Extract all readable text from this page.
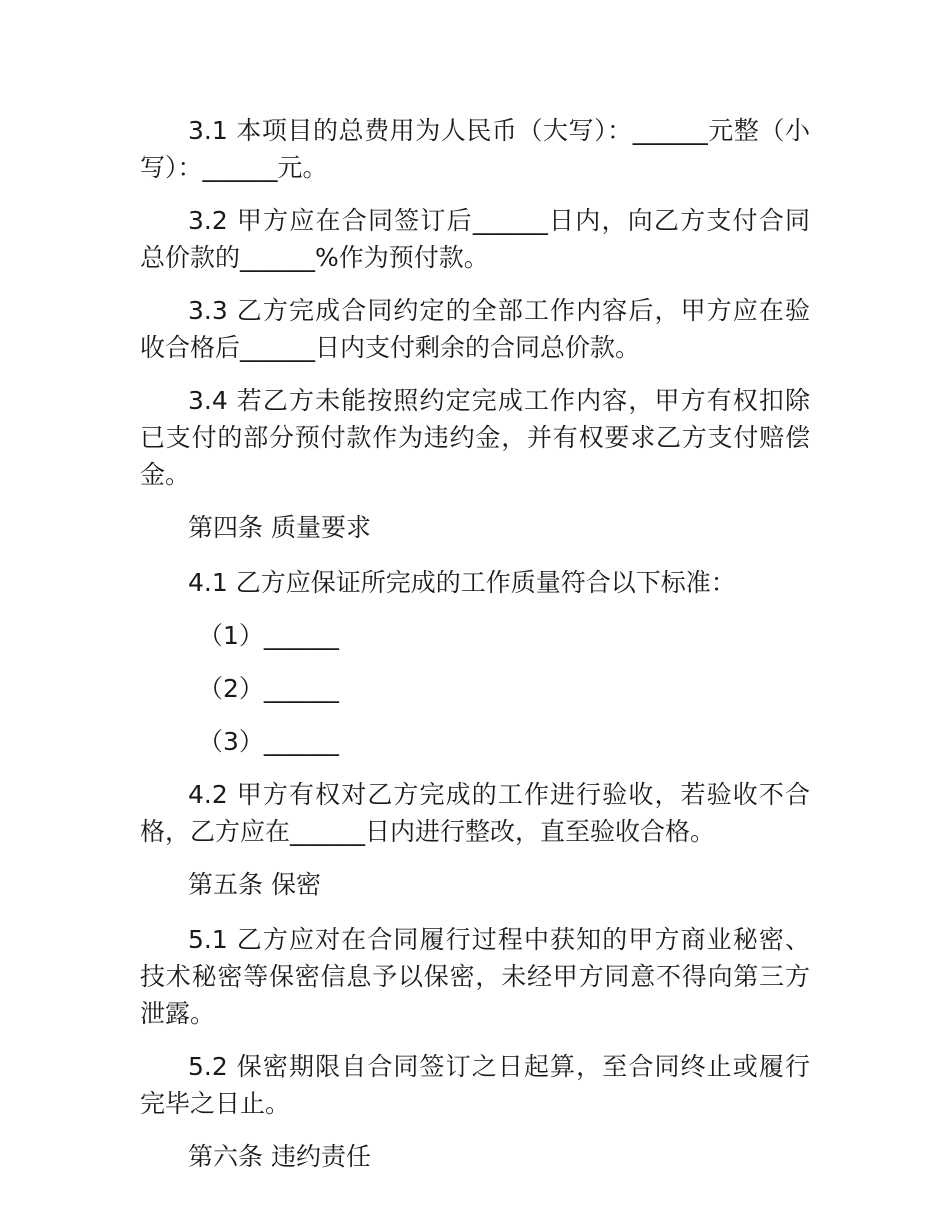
3.1 本项目的总费用为人民币（大写）：______元整（小写）：______元。

3.2 甲方应在合同签订后______日内，向乙方支付合同总价款的______%作为预付款。

3.3 乙方完成合同约定的全部工作内容后，甲方应在验收合格后______日内支付剩余的合同总价款。

3.4 若乙方未能按照约定完成工作内容，甲方有权扣除已支付的部分预付款作为违约金，并有权要求乙方支付赔偿金。

第四条 质量要求

4.1 乙方应保证所完成的工作质量符合以下标准：

（1）______

（2）______

（3）______

4.2 甲方有权对乙方完成的工作进行验收，若验收不合格，乙方应在______日内进行整改，直至验收合格。

第五条 保密

5.1 乙方应对在合同履行过程中获知的甲方商业秘密、技术秘密等保密信息予以保密，未经甲方同意不得向第三方泄露。

5.2 保密期限自合同签订之日起算，至合同终止或履行完毕之日止。

第六条 违约责任
